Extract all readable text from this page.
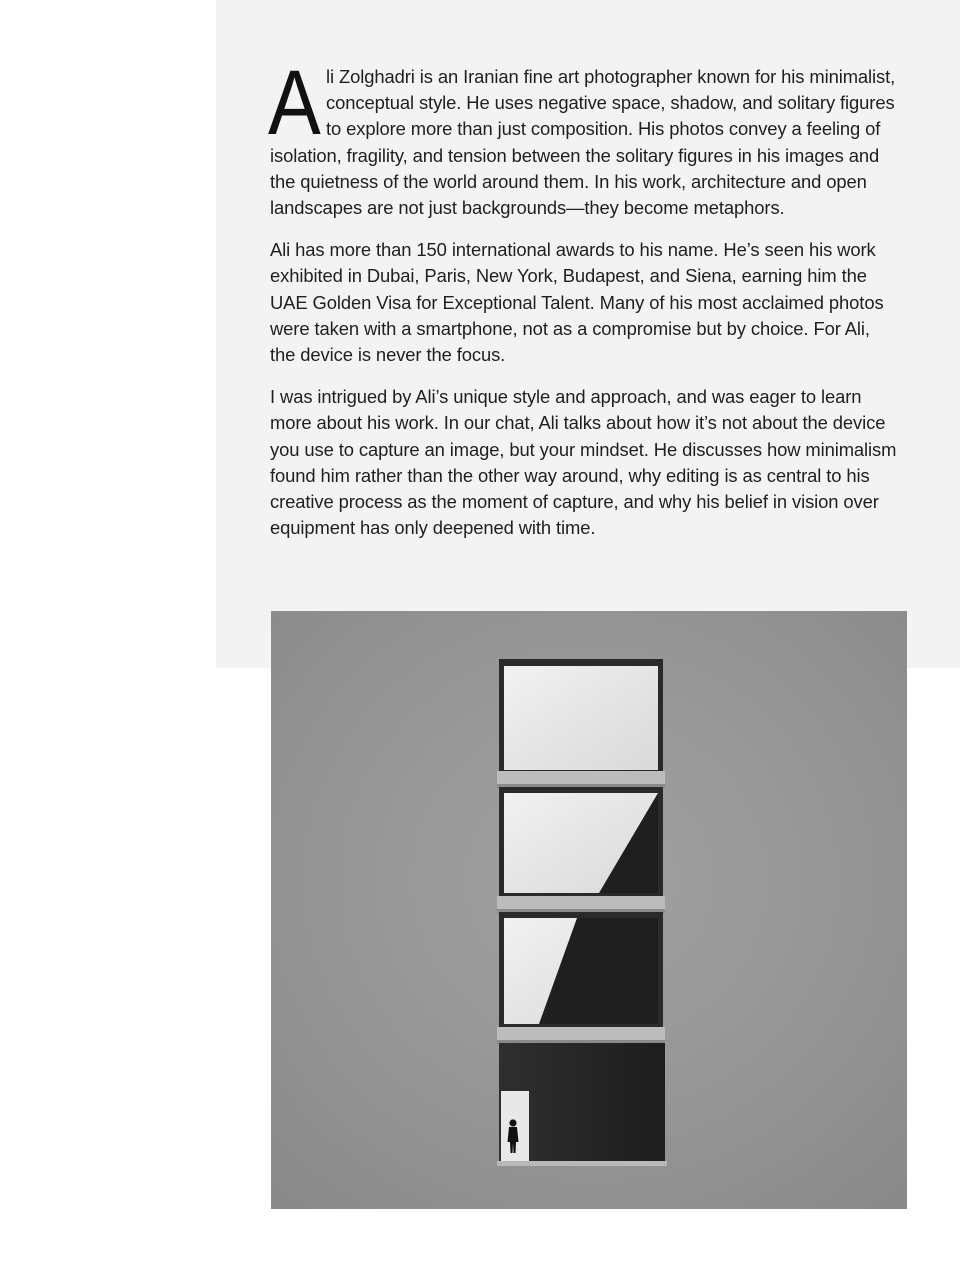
Ali Zolghadri is an Iranian fine art photographer known for his minimalist, conceptual style. He uses negative space, shadow, and solitary figures to explore more than just composition. His photos convey a feeling of isolation, fragility, and tension between the solitary figures in his images and the quietness of the world around them. In his work, architecture and open landscapes are not just backgrounds—they become metaphors.

Ali has more than 150 international awards to his name. He’s seen his work exhibited in Dubai, Paris, New York, Budapest, and Siena, earning him the UAE Golden Visa for Exceptional Talent. Many of his most acclaimed photos were taken with a smartphone, not as a compromise but by choice. For Ali, the device is never the focus.

I was intrigued by Ali’s unique style and approach, and was eager to learn more about his work. In our chat, Ali talks about how it’s not about the device you use to capture an image, but your mindset. He discusses how minimalism found him rather than the other way around, why editing is as central to his creative process as the moment of capture, and why his belief in vision over equipment has only deepened with time.
